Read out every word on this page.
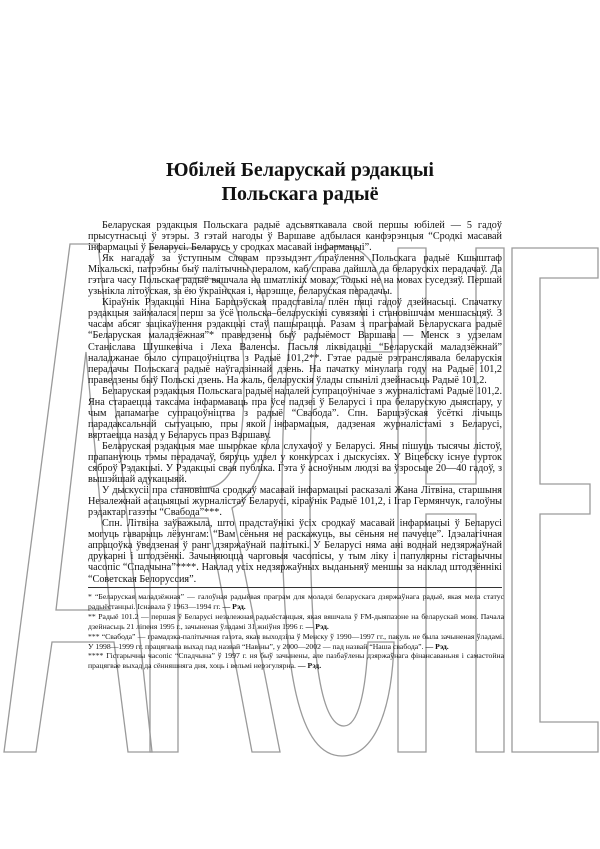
Юбілей Беларускай рэдакцыі
Польскага радыё

Беларуская рэдакцыя Польскага радыё адсьвяткавала свой першы юбілей — 5 гадоў прысутнасьці ў этэры. З гэтай нагоды ў Варшаве адбылася канфэрэнцыя “Сродкі масавай інфармацыі ў Беларусі. Беларусь у сродках масавай інфармацыі”.

Як нагадаў за ўступным словам прэзыдэнт праўлення Польскага радыё Кшыштаф Міхальскі, патрэбны быў палітычны пералом, каб справа дайшла да беларускіх перадачаў. Да гэтага часу Польскае радыё вяшчала на шматлікіх мовах, толькі не на мовах суседзяў. Першай узьнікла літоўская, за ёю ўкраінская і, нарэшце, беларуская перадачы.

Кіраўнік Рэдакцыі Ніна Барщэўская прадставіла плён пяці гадоў дзейнасьці. Спачатку рэдакцыя займалася перш за ўсё польска–беларускімі сувязямі і становішчам меншасьцяў. З часам абсяг зацікаўлення рэдакцыі стаў пашырацца. Разам з праграмай Беларускага радыё “Беларуская маладзёжная”* праведзены быў радыёмост Варшава — Менск з удзелам Станіслава Шушкевіча і Леха Валенсы. Пасьля ліквідацыі “Беларускай маладзёжнай” наладжанае было супрацоўніцтва з Радыё 101,2**. Гэтае радыё рэтранслявала беларускія перадачы Польскага радыё наўгадзіннай дзень. На пачатку мінулага году на Радыё 101,2 праведзены быў Польскі дзень. На жаль, беларускія ўлады спынілі дзейнасьць Радыё 101,2.

Беларуская рэдакцыя Польскага радыё надалей супрацоўнічае з журналістамі Радыё 101,2. Яна стараецца таксама інфармаваць пра ўсе падзеі ў Беларусі і пра беларускую дыяспару, у чым дапамагае супрацоўніцтва з радыё “Свабода”. Спн. Барщэўская ўсёткі лічыць парадаксальнай сытуацыю, пры якой інфармацыя, дадзеная журналістамі з Беларусі, вяртаецца назад у Беларусь праз Варшаву.

Беларуская рэдакцыя мае шырокае кола слухачоў у Беларусі. Яны пішуць тысячы лістоў, прапануюць тэмы перадачаў, бяруць удзел у конкурсах і дыскусіях. У Віцебску існуе гурток сяброў Рэдакцыі. У Рэдакцыі свая публіка. Гэта ў асноўным людзі ва ўзросьце 20—40 гадоў, з вышэйшай адукацыяй.

У дыскусіі пра становішча сродкаў масавай інфармацыі расказалі Жана Літвіна, старшыня Незалежнай асацыяцыі журналістаў Беларусі, кіраўнік Радыё 101,2, і Ігар Гермянчук, галоўны рэдактар газэты “Свабода”***.

Спн. Літвіна заўважыла, што прадстаўнікі ўсіх сродкаў масавай інфармацыі ў Беларусі могуць гаварыць лёзунгам: “Вам сёньня не раскажуць, вы сёньня не пачуеце”. Ідэалагічная апрацоўка ўведзеная ў ранг дзяржаўнай палітыкі. У Беларусі няма ані воднай недзяржаўнай друкарні і штодзёнкі. Зачыняюцца чарговыя часопісы, у тым ліку і папулярны гістарычны часопіс “Спадчына”****. Наклад усіх недзяржаўных выданьняў меншы за наклад штодзённікі “Советская Белоруссия”.

* “Беларуская маладзёжная” — галоўная радыёвая праграм для моладзі беларускага дзяржаўнага радыё, якая мела статус радыёстанцыі. Існавала ў 1963—1994 гг. — Рэд.

** Радыё 101.2 — першая ў Беларусі незалежная радыёстанцыя, якая вяшчала ў FM-дыяпазоне на беларускай мове. Пачала дзейнасьць 21 ліпеня 1995 г., зачыненая ўладамі 31 жніўня 1996 г. — Рэд.

*** “Свабода” — грамадзка-палітычная газэта, якая выходзіла ў Менску ў 1990—1997 гг., пакуль не была зачыненая ўладамі. У 1998—1999 гг. працягвала выхад пад назвай “Навіны”, у 2000—2002 — пад назвай “Наша свабода”. — Рэд.

**** Гістарычны часопіс “Спадчына” ў 1997 г. ня быў зачынены, але пазбаўлены дзяржаўнага фінансаваньня і самастойна працягвае выхад да сённяшняга дня, хоць і вельмі нерэгулярна. — Рэд.
